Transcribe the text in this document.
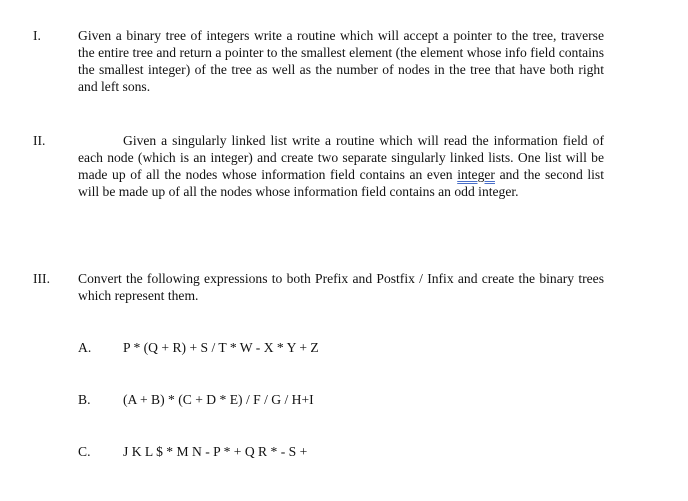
I.	Given a binary tree of integers write a routine which will accept a pointer to the tree, traverse the entire tree and return a pointer to the smallest element (the element whose info field contains the smallest integer) of the tree as well as the number of nodes in the tree that have both right and left sons.

II.	Given a singularly linked list write a routine which will read the information field of each node (which is an integer) and create two separate singularly linked lists. One list will be made up of all the nodes whose information field contains an even integer and the second list will be made up of all the nodes whose information field contains an odd integer.

III. Convert the following expressions to both Prefix and Postfix / Infix and create the binary trees which represent them.

A. P * (Q + R) + S / T * W - X * Y + Z

B. (A + B) * (C + D * E) / F / G / H+I

C. J K L $ * M N - P * + Q R * - S +
